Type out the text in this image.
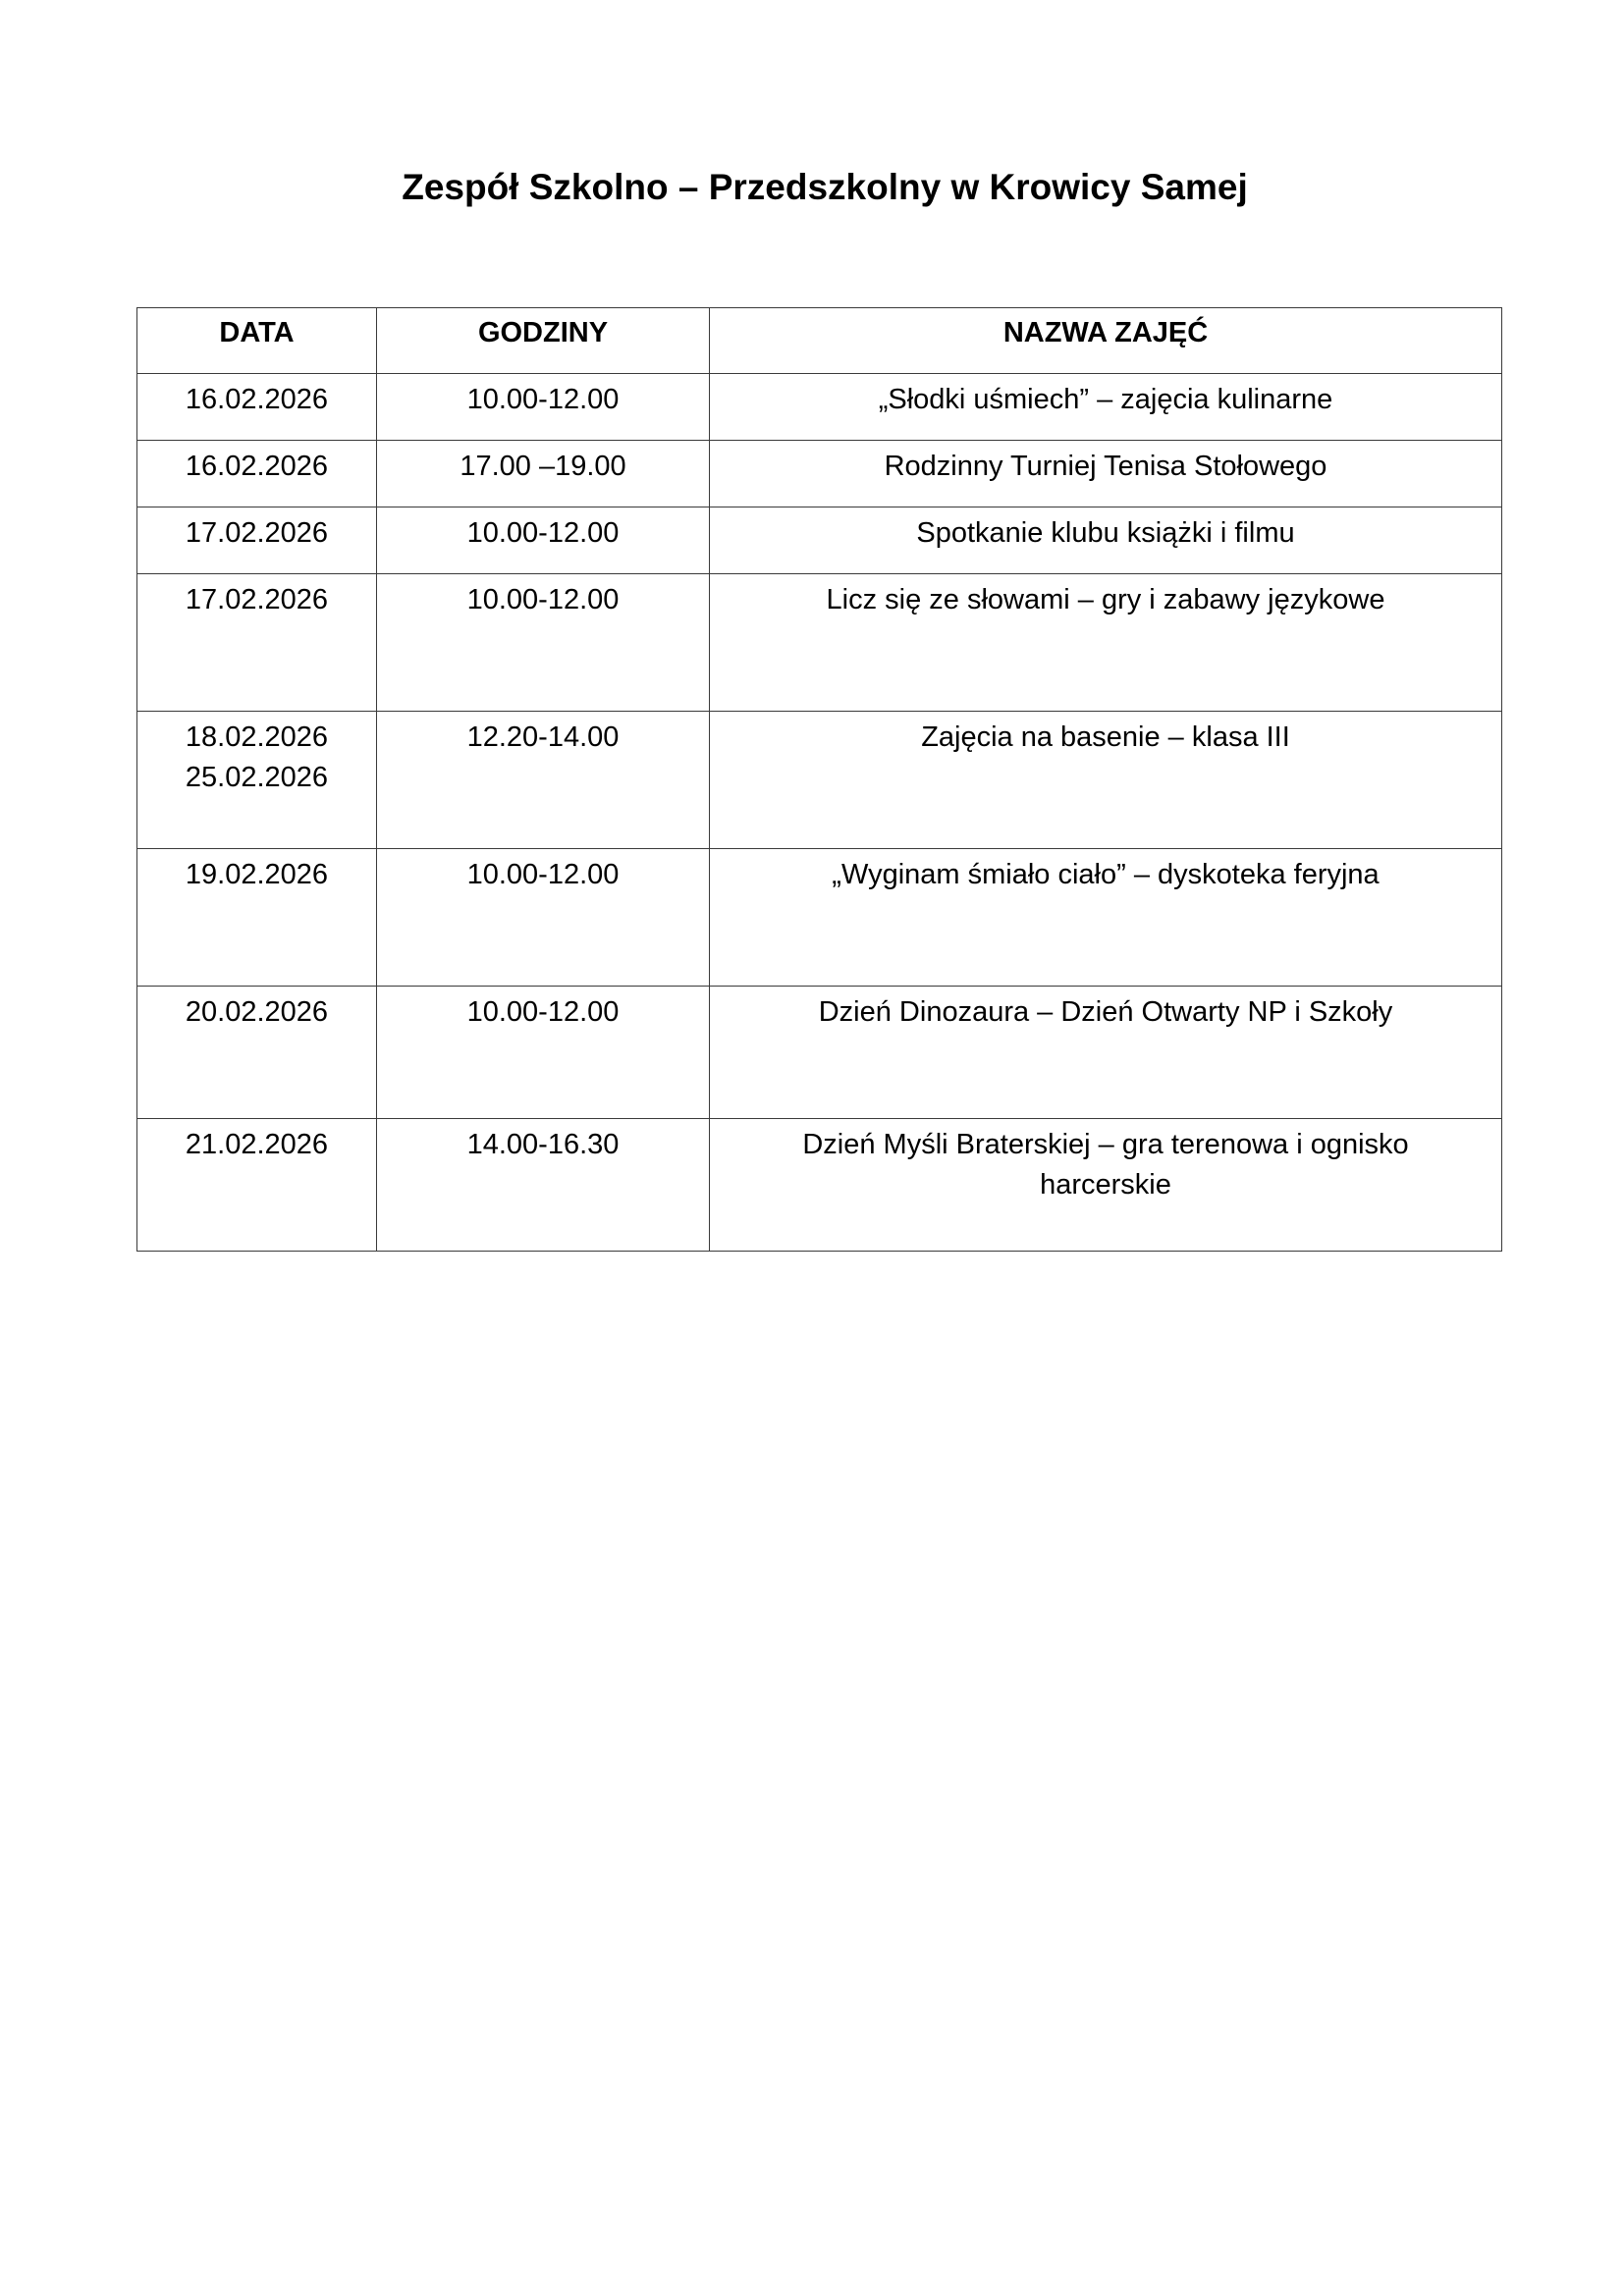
Zespół Szkolno – Przedszkolny w Krowicy Samej
DATA	GODZINY	NAZWA ZAJĘĆ

16.02.2026	10.00-12.00	„Słodki uśmiech” – zajęcia kulinarne

16.02.2026	17.00 –19.00	Rodzinny Turniej Tenisa Stołowego

17.02.2026	10.00-12.00	Spotkanie klubu książki i filmu

17.02.2026	10.00-12.00	Licz się ze słowami – gry i zabawy językowe

18.02.2026
25.02.2026	12.20-14.00	Zajęcia na basenie – klasa III

19.02.2026	10.00-12.00	„Wyginam śmiało ciało” – dyskoteka feryjna

20.02.2026	10.00-12.00	Dzień Dinozaura – Dzień Otwarty NP i Szkoły

21.02.2026	14.00-16.30	Dzień Myśli Braterskiej – gra terenowa i ognisko
harcerskie
